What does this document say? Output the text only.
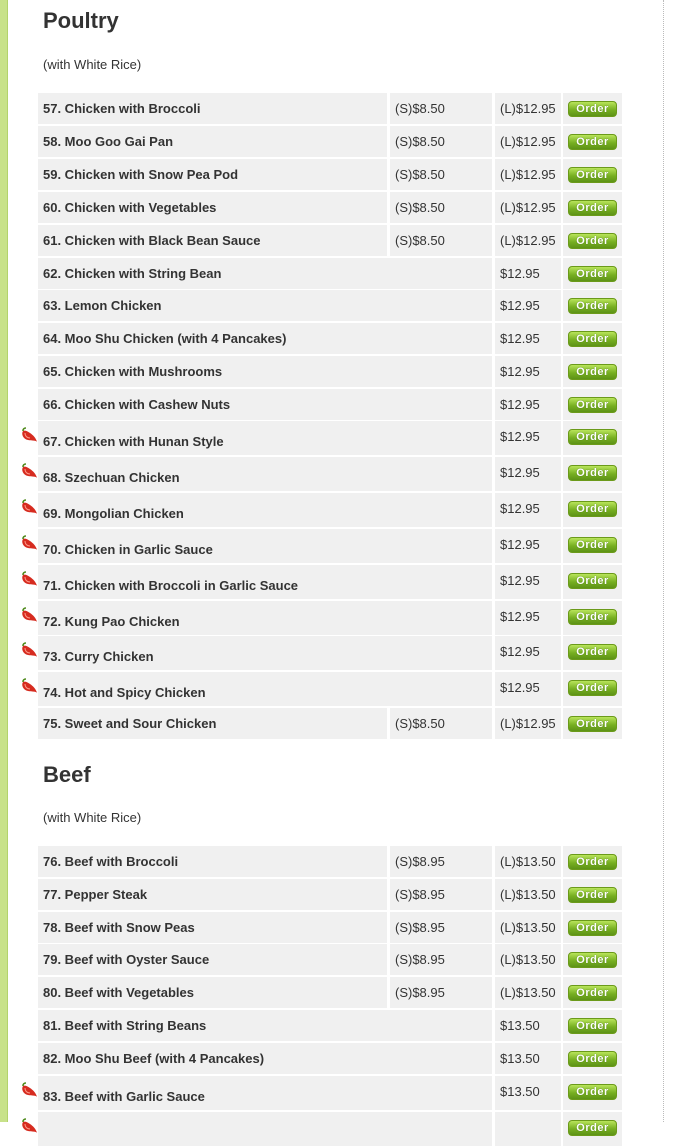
Poultry
(with White Rice)
57. Chicken with Broccoli	(S)$8.50	(L)$12.95	Order
58. Moo Goo Gai Pan	(S)$8.50	(L)$12.95	Order
59. Chicken with Snow Pea Pod	(S)$8.50	(L)$12.95	Order
60. Chicken with Vegetables	(S)$8.50	(L)$12.95	Order
61. Chicken with Black Bean Sauce	(S)$8.50	(L)$12.95	Order
62. Chicken with String Bean	$12.95	Order
63. Lemon Chicken	$12.95	Order
64. Moo Shu Chicken (with 4 Pancakes)	$12.95	Order
65. Chicken with Mushrooms	$12.95	Order
66. Chicken with Cashew Nuts	$12.95	Order
67. Chicken with Hunan Style	$12.95	Order
68. Szechuan Chicken	$12.95	Order
69. Mongolian Chicken	$12.95	Order
70. Chicken in Garlic Sauce	$12.95	Order
71. Chicken with Broccoli in Garlic Sauce	$12.95	Order
72. Kung Pao Chicken	$12.95	Order
73. Curry Chicken	$12.95	Order
74. Hot and Spicy Chicken	$12.95	Order
75. Sweet and Sour Chicken	(S)$8.50	(L)$12.95	Order
Beef
(with White Rice)
76. Beef with Broccoli	(S)$8.95	(L)$13.50	Order
77. Pepper Steak	(S)$8.95	(L)$13.50	Order
78. Beef with Snow Peas	(S)$8.95	(L)$13.50	Order
79. Beef with Oyster Sauce	(S)$8.95	(L)$13.50	Order
80. Beef with Vegetables	(S)$8.95	(L)$13.50	Order
81. Beef with String Beans	$13.50	Order
82. Moo Shu Beef (with 4 Pancakes)	$13.50	Order
83. Beef with Garlic Sauce	$13.50	Order
Order
